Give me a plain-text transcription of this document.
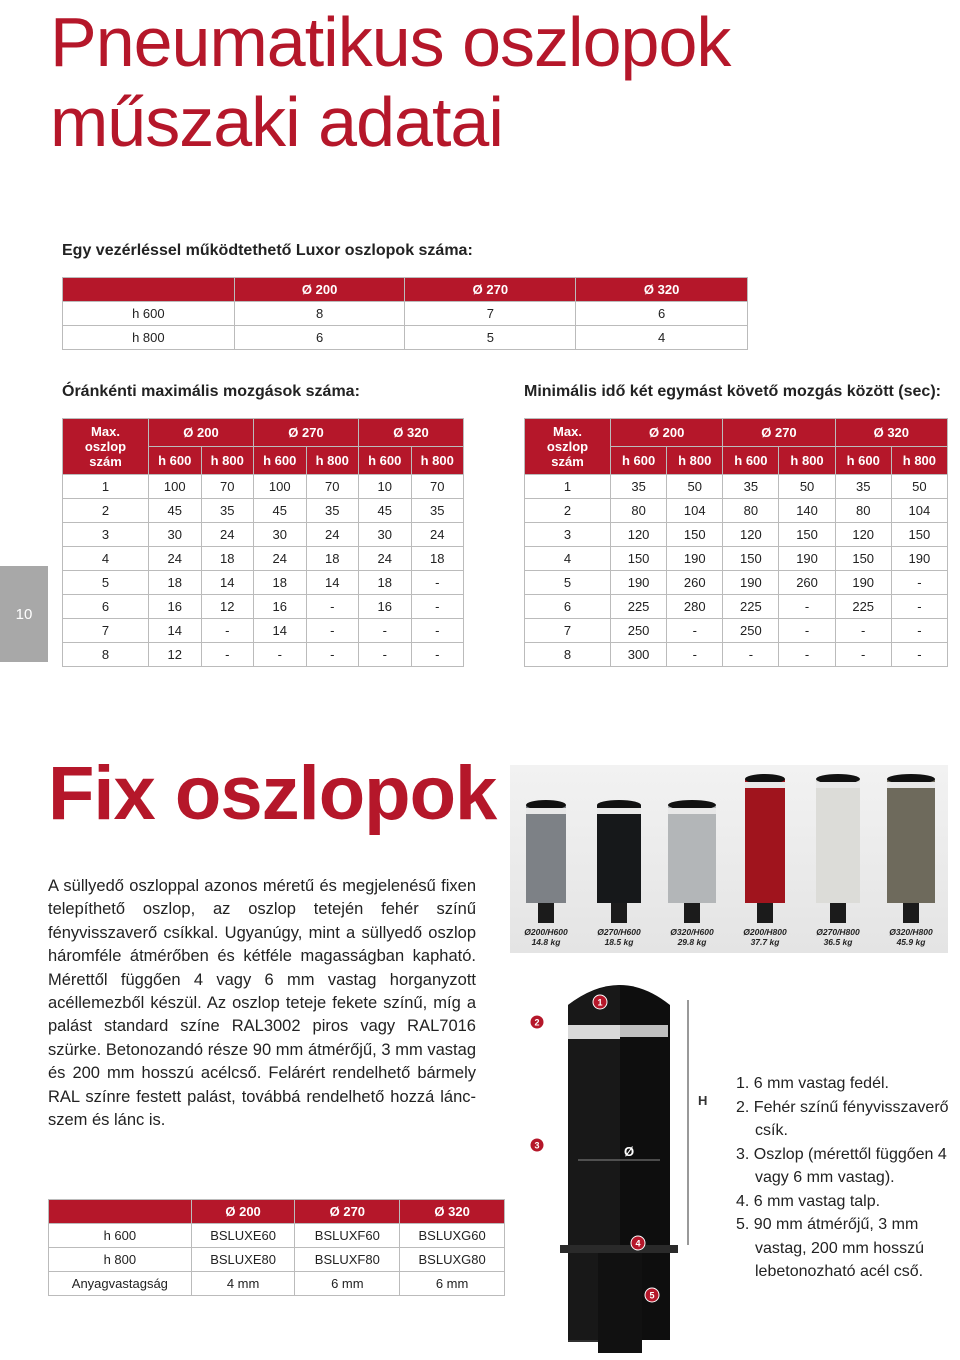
Pneumatikus oszlopok
műszaki adatai
Egy vezérléssel működtethető Luxor oszlopok száma:
	Ø 200	Ø 270	Ø 320
h 600	8	7	6
h 800	6	5	4
Óránkénti maximális mozgások száma:	Minimális idő két egymást követő mozgás között (sec):
Max.
oszlop
szám	Ø 200		Ø 270		Ø 320	
	h 600	h 800	h 600	h 800	h 600	h 800
1	100	70	100	70	10	70
2	45	35	45	35	45	35
3	30	24	30	24	30	24
4	24	18	24	18	24	18
5	18	14	18	14	18	-
6	16	12	16	-	16	-
7	14	-	14	-	-	-
8	12	-	-	-	-	-
Max.
oszlop
szám	Ø 200		Ø 270		Ø 320	
	h 600	h 800	h 600	h 800	h 600	h 800
1	35	50	35	50	35	50
2	80	104	80	140	80	104
3	120	150	120	150	120	150
4	150	190	150	190	150	190
5	190	260	190	260	190	-
6	225	280	225	-	225	-
7	250	-	250	-	-	-
8	300	-	-	-	-	-
10
Fix oszlopok

A süllyedő oszloppal azonos méretű és megjelenésű fixen telepíthető oszlop, az oszlop tetején fehér színű fényvisszaverő csíkkal. Ugyanúgy, mint a süllyedő oszlop háromféle átmérőben és kétféle magasságban kapható. Mérettől függően 4 vagy 6 mm vastag horganyzott acéllemezből készül. Az oszlop teteje fekete színű, míg a palást standard színe RAL3002 piros vagy RAL7016 szürke. Betonozandó része 90 mm átmérőjű, 3 mm vastag és 200 mm hosszú acélcső. Felárért rendelhető bármely RAL színre festett palást, továbbá rendelhető hozzá láncszem és lánc is.

Ø200/H600
14.8 kg
Ø270/H600
18.5 kg
Ø320/H600
29.8 kg
Ø200/H800
37.7 kg
Ø270/H800
36.5 kg
Ø320/H800
45.9 kg
H
Ø
1
2
3
4
5
1. 6 mm vastag fedél.
2. Fehér színű fényvisszaverő csík.
3. Oszlop (mérettől függően 4 vagy 6 mm vastag).
4. 6 mm vastag talp.
5. 90 mm átmérőjű, 3 mm vastag, 200 mm hosszú lebetonozható acél cső.
	Ø 200	Ø 270	Ø 320
h 600	BSLUXE60	BSLUXF60	BSLUXG60
h 800	BSLUXE80	BSLUXF80	BSLUXG80
Anyagvastagság	4 mm	6 mm	6 mm
